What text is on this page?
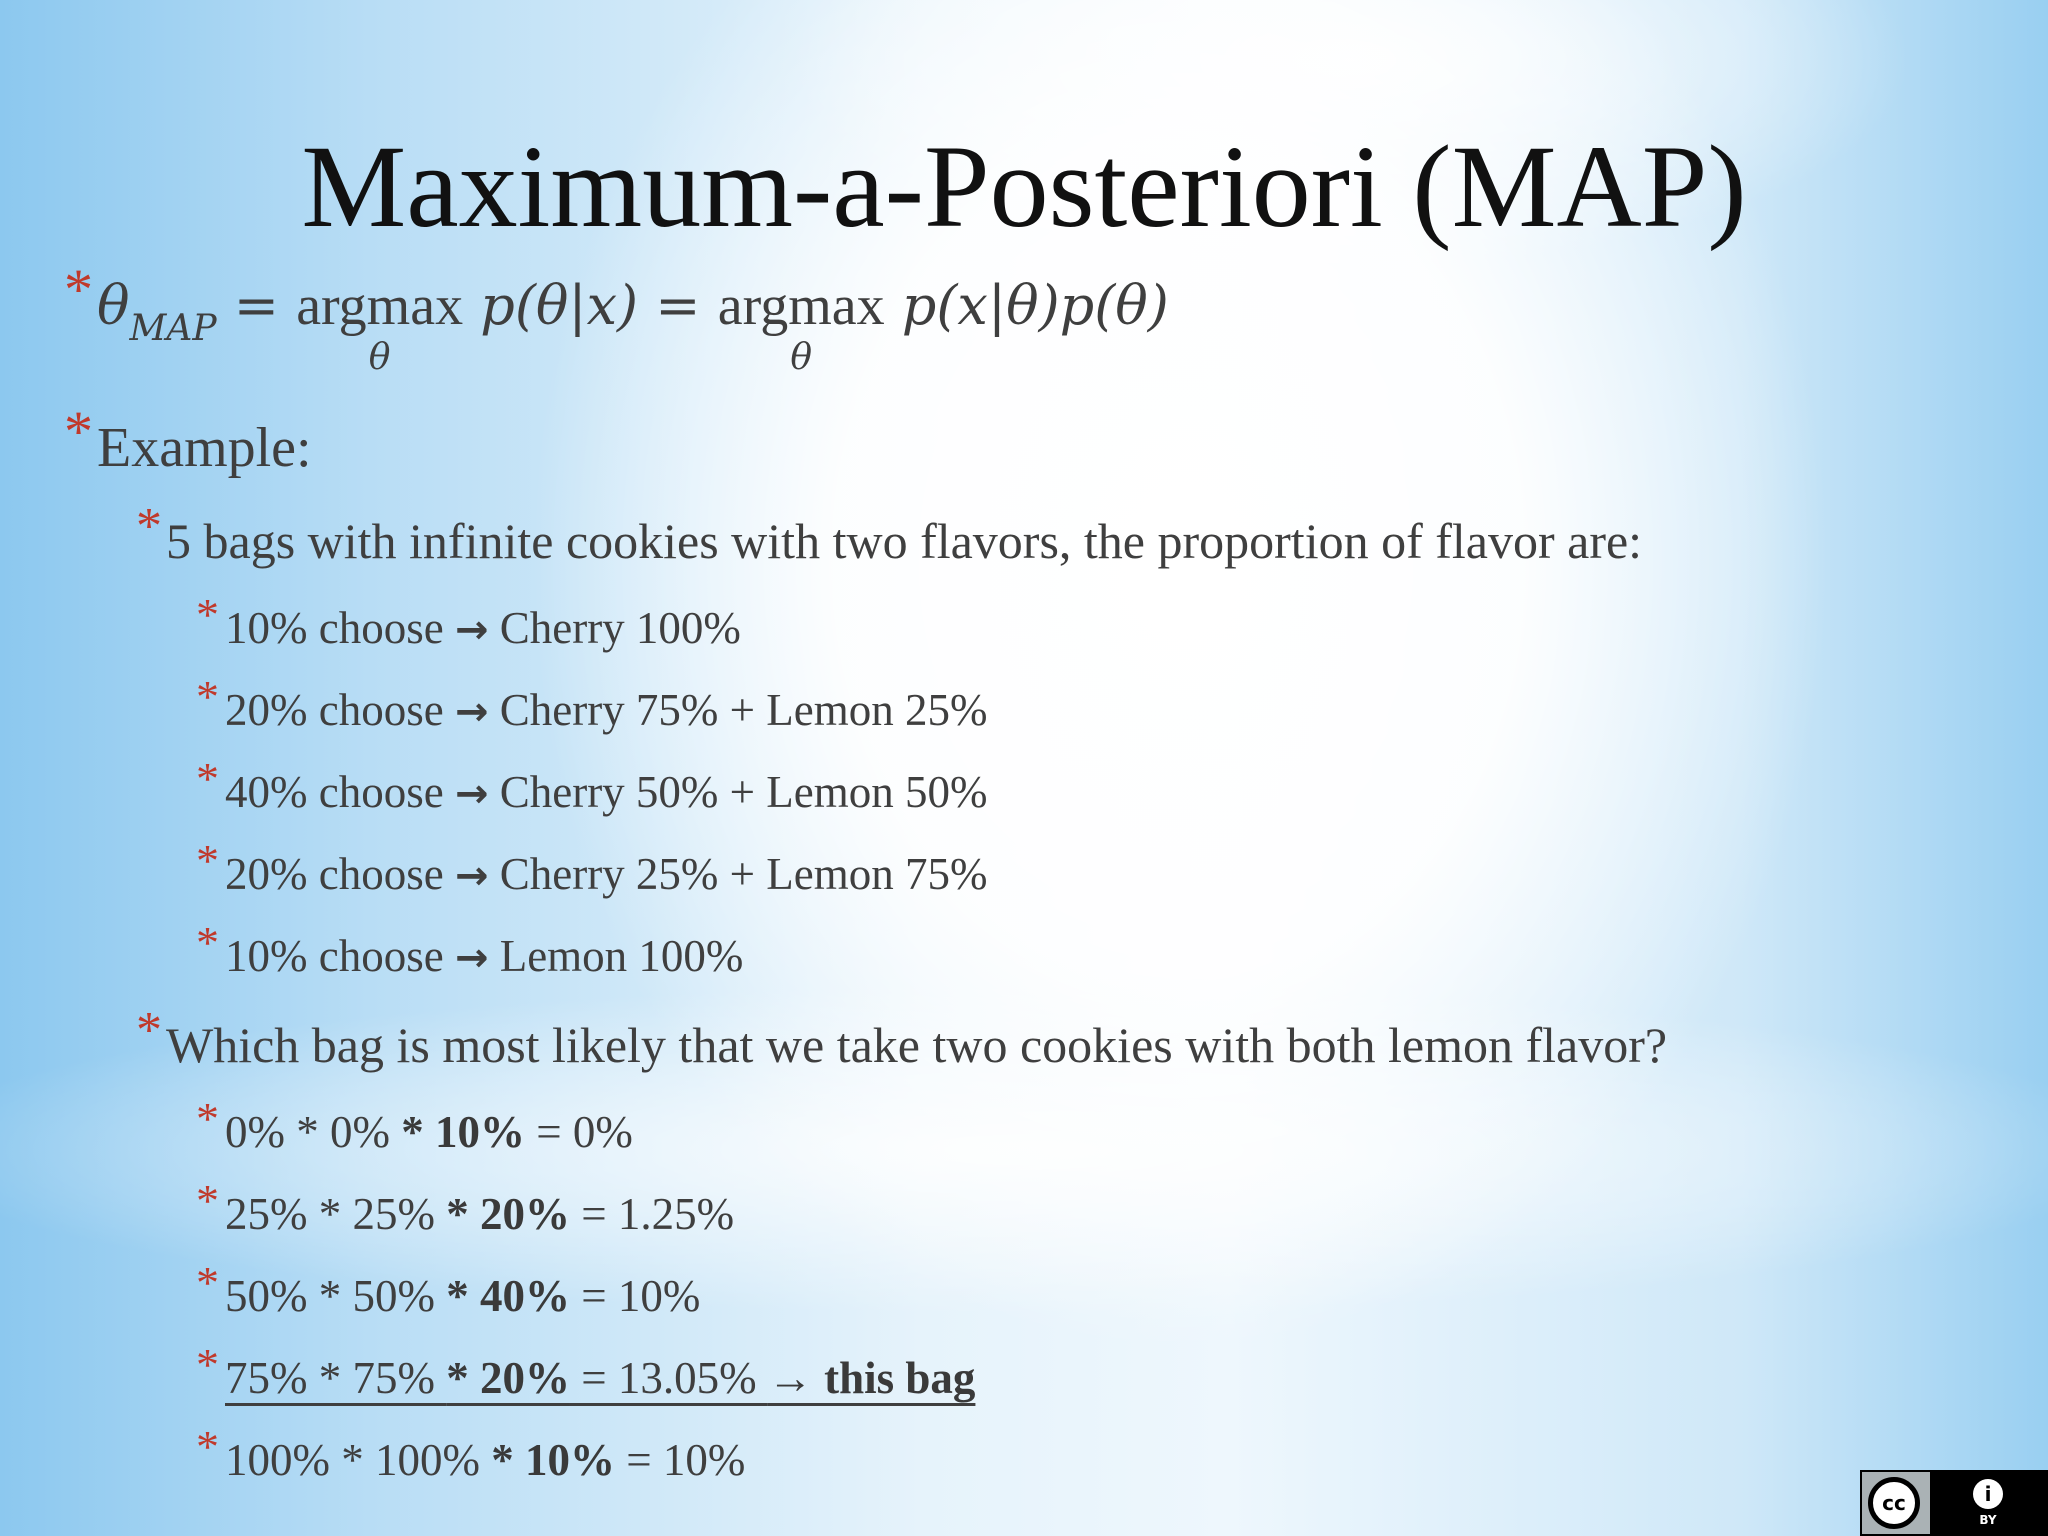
Maximum-a-Posteriori (MAP)
* $\theta_{MAP} = argmax$
θ
p(θ|x) = argmax
θ
p(x|θ)p(θ)
* Example:
* 5 bags with infinite cookies with two flavors, the proportion of flavor are:
* 10% choose → Cherry 100%
* 20% choose → Cherry 75% + Lemon 25%
* 40% choose → Cherry 50% + Lemon 50%
* 20% choose → Cherry 25% + Lemon 75%
* 10% choose → Lemon 100%
* Which bag is most likely that we take two cookies with both lemon flavor?
* 0% * 0% * 10% = 0%
* 25% * 25% * 20% = 1.25%
* 50% * 50% * 40% = 10%
* 75% * 75% * 20% = 13.05% → this bag
* 100% * 100% * 10% = 10%
cc	i
BY
